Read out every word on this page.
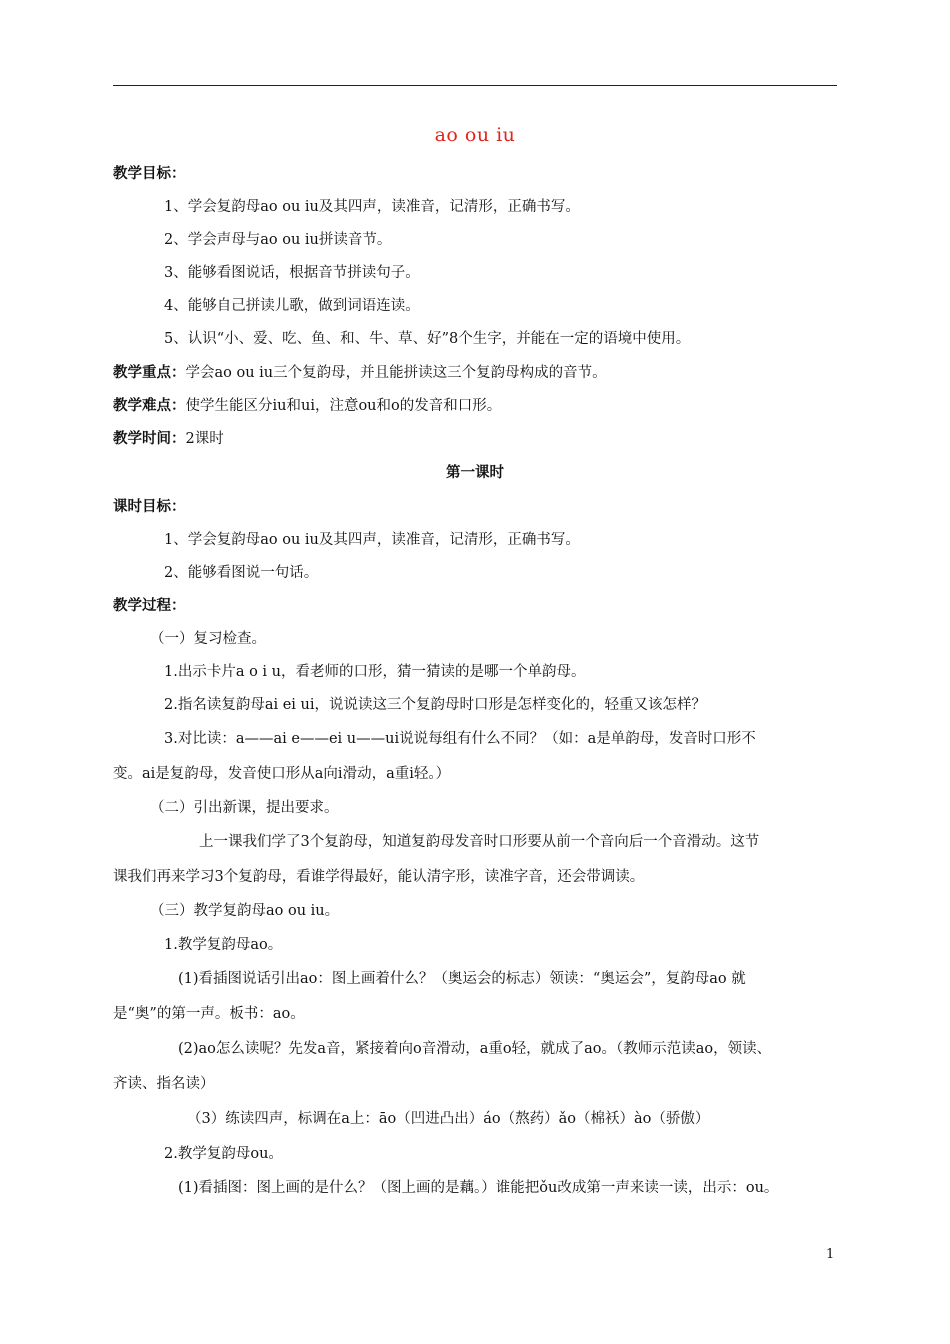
ao ou iu
教学目标：
1、学会复韵母ao ou iu及其四声，读准音，记清形，正确书写。
2、学会声母与ao ou iu拼读音节。
3、能够看图说话，根据音节拼读句子。
4、能够自己拼读儿歌，做到词语连读。
5、认识“小、爱、吃、鱼、和、牛、草、好”8个生字，并能在一定的语境中使用。
教学重点：学会ao ou iu三个复韵母，并且能拼读这三个复韵母构成的音节。
教学难点：使学生能区分iu和ui，注意ou和o的发音和口形。
教学时间：2课时
第一课时
课时目标：
1、学会复韵母ao ou iu及其四声，读准音，记清形，正确书写。
2、能够看图说一句话。
教学过程：
（一）复习检查。
1.出示卡片a o i u，看老师的口形，猜一猜读的是哪一个单韵母。
2.指名读复韵母ai ei ui，说说读这三个复韵母时口形是怎样变化的，轻重又该怎样？
3.对比读：a——ai e——ei u——ui说说每组有什么不同？（如：a是单韵母，发音时口形不
变。ai是复韵母，发音使口形从a向i滑动，a重i轻。）
（二）引出新课，提出要求。
上一课我们学了3个复韵母，知道复韵母发音时口形要从前一个音向后一个音滑动。这节
课我们再来学习3个复韵母，看谁学得最好，能认清字形，读准字音，还会带调读。
（三）教学复韵母ao ou iu。
1.教学复韵母ao。
(1)看插图说话引出ao：图上画着什么？（奥运会的标志）领读：“奥运会”，复韵母ao 就
是“奥”的第一声。板书：ao。
(2)ao怎么读呢？先发a音，紧接着向o音滑动，a重o轻，就成了ao。（教师示范读ao，领读、
齐读、指名读）
（3）练读四声，标调在a上：āo（凹进凸出）áo（熬药）ǎo（棉袄）ào（骄傲）
2.教学复韵母ou。
(1)看插图：图上画的是什么？（图上画的是藕。）谁能把ǒu改成第一声来读一读，出示：ou。
1
